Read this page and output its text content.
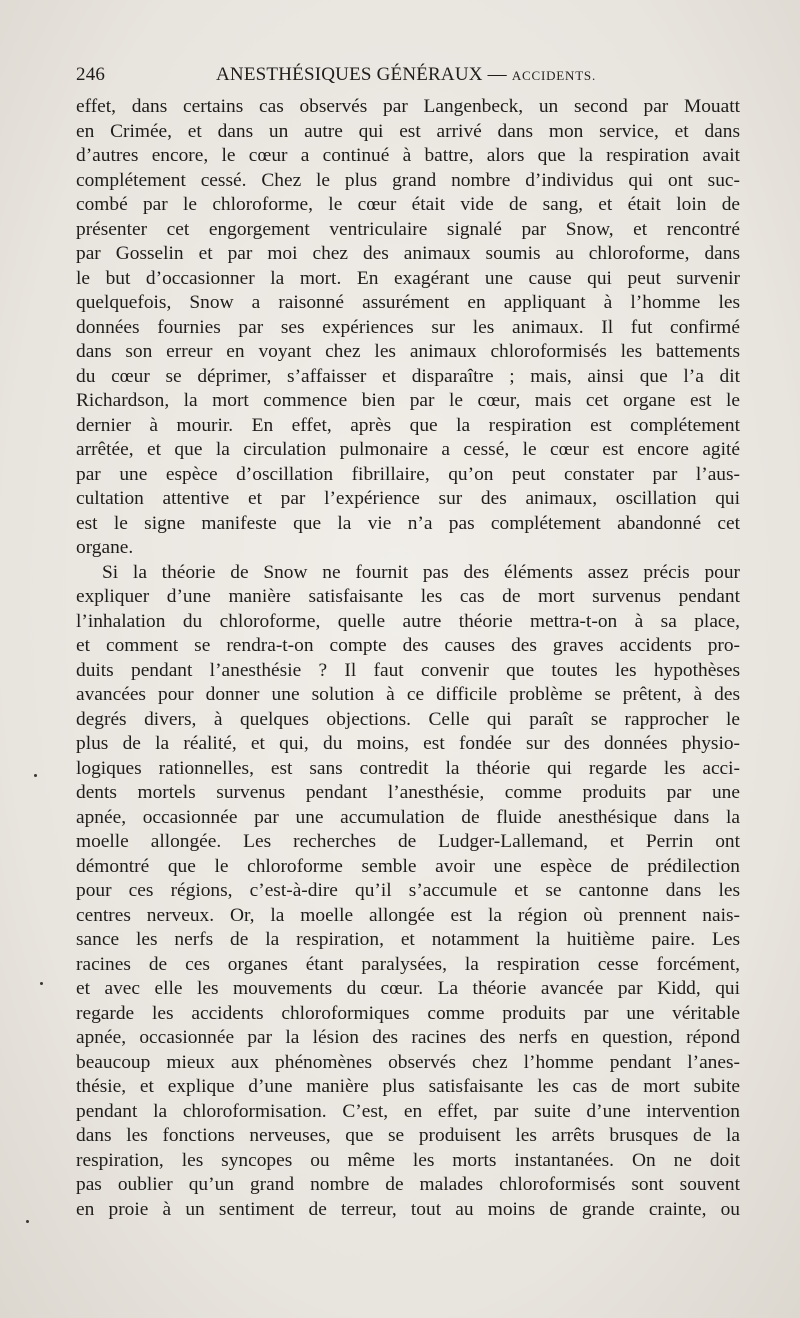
246	ANESTHÉSIQUES GÉNÉRAUX — ACCIDENTS.
effet, dans certains cas observés par Langenbeck, un second par Mouatt
en Crimée, et dans un autre qui est arrivé dans mon service, et dans
d’autres encore, le cœur a continué à battre, alors que la respiration avait
complétement cessé. Chez le plus grand nombre d’individus qui ont suc-
combé par le chloroforme, le cœur était vide de sang, et était loin de
présenter cet engorgement ventriculaire signalé par Snow, et rencontré
par Gosselin et par moi chez des animaux soumis au chloroforme, dans
le but d’occasionner la mort. En exagérant une cause qui peut survenir
quelquefois, Snow a raisonné assurément en appliquant à l’homme les
données fournies par ses expériences sur les animaux. Il fut confirmé
dans son erreur en voyant chez les animaux chloroformisés les battements
du cœur se déprimer, s’affaisser et disparaître ; mais, ainsi que l’a dit
Richardson, la mort commence bien par le cœur, mais cet organe est le
dernier à mourir. En effet, après que la respiration est complétement
arrêtée, et que la circulation pulmonaire a cessé, le cœur est encore agité
par une espèce d’oscillation fibrillaire, qu’on peut constater par l’aus-
cultation attentive et par l’expérience sur des animaux, oscillation qui
est le signe manifeste que la vie n’a pas complétement abandonné cet
organe.
Si la théorie de Snow ne fournit pas des éléments assez précis pour
expliquer d’une manière satisfaisante les cas de mort survenus pendant
l’inhalation du chloroforme, quelle autre théorie mettra-t-on à sa place,
et comment se rendra-t-on compte des causes des graves accidents pro-
duits pendant l’anesthésie ? Il faut convenir que toutes les hypothèses
avancées pour donner une solution à ce difficile problème se prêtent, à des
degrés divers, à quelques objections. Celle qui paraît se rapprocher le
plus de la réalité, et qui, du moins, est fondée sur des données physio-
logiques rationnelles, est sans contredit la théorie qui regarde les acci-
dents mortels survenus pendant l’anesthésie, comme produits par une
apnée, occasionnée par une accumulation de fluide anesthésique dans la
moelle allongée. Les recherches de Ludger-Lallemand, et Perrin ont
démontré que le chloroforme semble avoir une espèce de prédilection
pour ces régions, c’est-à-dire qu’il s’accumule et se cantonne dans les
centres nerveux. Or, la moelle allongée est la région où prennent nais-
sance les nerfs de la respiration, et notamment la huitième paire. Les
racines de ces organes étant paralysées, la respiration cesse forcément,
et avec elle les mouvements du cœur. La théorie avancée par Kidd, qui
regarde les accidents chloroformiques comme produits par une véritable
apnée, occasionnée par la lésion des racines des nerfs en question, répond
beaucoup mieux aux phénomènes observés chez l’homme pendant l’anes-
thésie, et explique d’une manière plus satisfaisante les cas de mort subite
pendant la chloroformisation. C’est, en effet, par suite d’une intervention
dans les fonctions nerveuses, que se produisent les arrêts brusques de la
respiration, les syncopes ou même les morts instantanées. On ne doit
pas oublier qu’un grand nombre de malades chloroformisés sont souvent
en proie à un sentiment de terreur, tout au moins de grande crainte, ou
